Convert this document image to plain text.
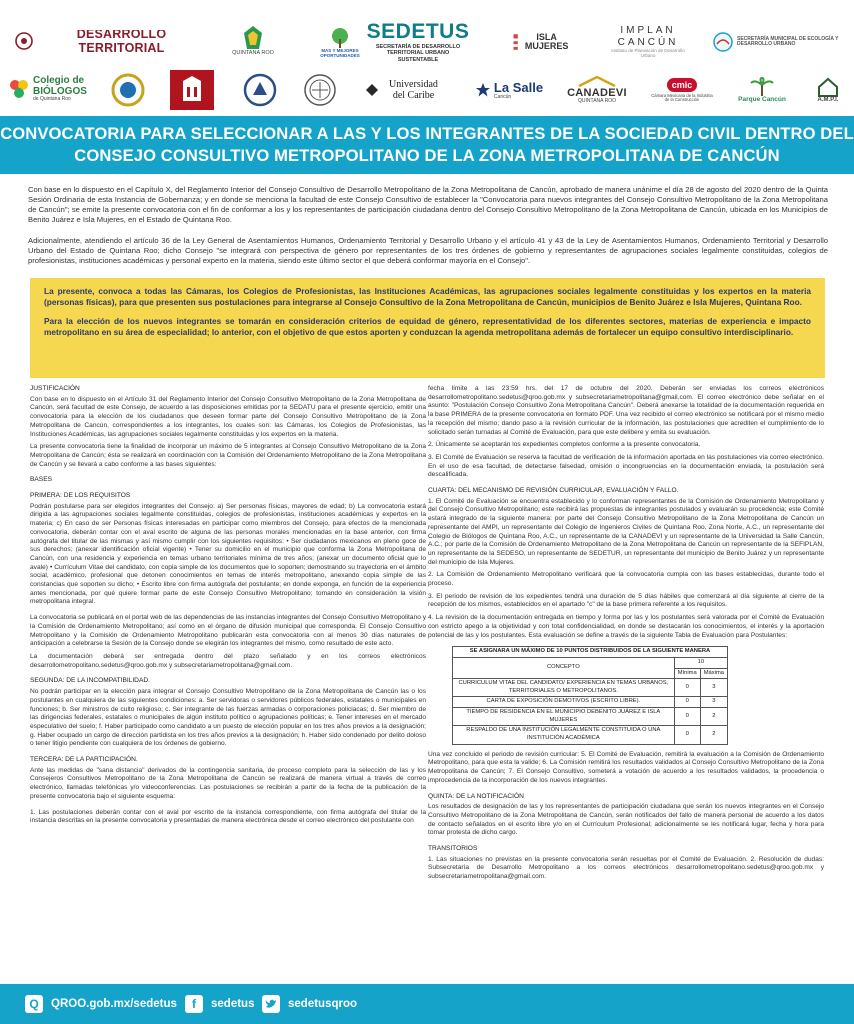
DESARROLLO TERRITORIAL	QUINTANA ROO	MAS Y MEJORES OPORTUNIDADES
SEDETUS
SECRETARÍA DE DESARROLLO TERRITORIAL URBANO SUSTENTABLE
ISLA MUJERES
IMPLAN CANCÚN
Instituto de Planeación de Desarrollo Urbano
SECRETARÍA MUNICIPAL DE ECOLOGÍA Y DESARROLLO URBANO
Colegio de BIÓLOGOS
de Quintana Roo
Universidad del Caribe
La Salle
Cancún	CANADEVI
QUINTANA ROO
cmic
Cámara Mexicana de la Industria de la Construcción	Parque Cancún	A.M.P.I.
CONVOCATORIA PARA SELECCIONAR A LAS Y LOS INTEGRANTES DE LA SOCIEDAD CIVIL DENTRO DEL CONSEJO CONSULTIVO METROPOLITANO DE LA ZONA METROPOLITANA DE CANCÚN

Con base en lo dispuesto en el Capítulo X, del Reglamento Interior del Consejo Consultivo de Desarrollo Metropolitano de la Zona Metropolitana de Cancún, aprobado de manera unánime el día 28 de agosto del 2020 dentro de la Quinta Sesión Ordinaria de esta Instancia de Gobernanza; y en donde se menciona la facultad de este Consejo Consultivo de establecer la "Convocatoria para nuevos integrantes del Consejo Consultivo Metropolitano de la Zona Metropolitana de Cancún"; se emite la presente convocatoria con el fin de conformar a los y los representantes de participación ciudadana dentro del Consejo Consultivo Metropolitano de la Zona Metropolitana de Cancún, ubicada en los Municipios de Benito Juárez e Isla Mujeres, en el Estado de Quintana Roo.

Adicionalmente, atendiendo el artículo 36 de la Ley General de Asentamientos Humanos, Ordenamiento Territorial y Desarrollo Urbano y el artículo 41 y 43 de la Ley de Asentamientos Humanos, Ordenamiento Territorial y Desarrollo Urbano del Estado de Quintana Roo; dicho Consejo "se integrará con perspectiva de género por representantes de los tres órdenes de gobierno y representantes de agrupaciones sociales legalmente constituidas, colegios de profesionistas, instituciones académicas y personal experto en la materia, siendo este último sector el que deberá conformar mayoría en el Consejo".

La presente, convoca a todas las Cámaras, los Colegios de Profesionistas, las Instituciones Académicas, las agrupaciones sociales legalmente constituidas y los expertos en la materia (personas físicas), para que presenten sus postulaciones para integrarse al Consejo Consultivo de la Zona Metropolitana de Cancún, municipios de Benito Juárez e Isla Mujeres, Quintana Roo.

Para la elección de los nuevos integrantes se tomarán en consideración criterios de equidad de género, representatividad de los diferentes sectores, materias de experiencia e impacto metropolitano en su área de especialidad; lo anterior, con el objetivo de que estos aporten y conduzcan la agenda metropolitana además de fortalecer un equipo consultivo interdisciplinario.

JUSTIFICACIÓN

Con base en lo dispuesto en el Artículo 31 del Reglamento Interior del Consejo Consultivo Metropolitano de la Zona Metropolitana de Cancún, será facultad de este Consejo, de acuerdo a las disposiciones emitidas por la SEDATU para el presente ejercicio, emitir una convocatoria para la elección de los ciudadanos que deseen formar parte del Consejo Consultivo Metropolitano de la Zona Metropolitana de Cancún, correspondientes a los integrantes, los cuales son: las Cámaras, los Colegios de Profesionistas, las Instituciones Académicas, las agrupaciones sociales legalmente constituidas y los expertos en la materia.

La presente convocatoria tiene la finalidad de incorporar un máximo de 5 integrantes al Consejo Consultivo Metropolitano de la Zona Metropolitana de Cancún; ésta se realizará en coordinación con la Comisión del Ordenamiento Metropolitano de la Zona Metropolitana de Cancún y se llevará a cabo conforme a las bases siguientes:

BASES

PRIMERA: DE LOS REQUISITOS

Podrán postularse para ser elegidos integrantes del Consejo: a) Ser personas físicas, mayores de edad; b) La convocatoria estará dirigida a las agrupaciones sociales legalmente constituidas, colegios de profesionistas, instituciones académicas y expertos en la materia; c) En caso de ser Personas físicas interesadas en participar como miembros del Consejo, para efectos de la mencionada convocatoria, deberán contar con el aval escrito de alguna de las personas morales mencionadas en la base anterior, con firma autógrafa del titular de las mismas y así mismo cumplir con los siguientes requisitos: • Ser ciudadanos mexicanos en pleno goce de sus derechos; (anexar identificación oficial vigente) • Tener su domicilio en el municipio que conforma la Zona Metropolitana de Cancún, con una residencia y experiencia en temas urbano territoriales mínima de tres años; (anexar un documento oficial que lo avale) • Currículum Vitae del candidato, con copia simple de los documentos que lo soporten; demostrando su trayectoria en el ámbito social, académico, profesional que detonen conocimientos en temas de interés metropolitano, anexando copia simple de las constancias que soporten su dicho; • Escrito libre con firma autógrafa del postulante; en donde exponga, en función de la experiencia antes mencionada, por qué quiere formar parte de este Consejo Consultivo Metropolitano; tomando en consideración la visión metropolitana integral.

La convocatoria se publicará en el portal web de las dependencias de las instancias integrantes del Consejo Consultivo Metropolitano y la Comisión de Ordenamiento Metropolitano; así como en el órgano de difusión municipal que corresponda. El Consejo Consultivo Metropolitano y la Comisión de Ordenamiento Metropolitano publicarán esta convocatoria con al menos 30 días naturales de anticipación a celebrarse la Sesión de la Consejo donde se elegirán los integrantes del mismo, como resultado de este acto.

La documentación deberá ser entregada dentro del plazo señalado y en los correos electrónicos desarrollometropolitano.sedetus@qroo.gob.mx y subsecretariametropolitana@gmail.com.

SEGUNDA: DE LA INCOMPATIBILIDAD.

No podrán participar en la elección para integrar el Consejo Consultivo Metropolitano de la Zona Metropolitana de Cancún las o los postulantes en cualquiera de las siguientes condiciones: a. Ser servidoras o servidores públicos federales, estatales o municipales en funciones; b. Ser ministros de culto religioso; c. Ser integrante de las fuerzas armadas o corporaciones policiacas; d. Ser miembro de las dirigencias federales, estatales o municipales de algún instituto político o agrupaciones políticas; e. Tener intereses en el mercado especulativo del suelo; f. Haber participado como candidato a un puesto de elección popular en los tres años previos a la designación; g. Haber ocupado un cargo de dirección partidista en los tres años previos a la designación; h. Haber sido condenado por delito doloso o tener litigio pendiente con cualquiera de los órdenes de gobierno.

TERCERA: DE LA PARTICIPACIÓN.

Ante las medidas de "sana distancia" derivados de la contingencia sanitaria, de proceso completo para la selección de las y los Consejeros Consultivos Metropolitano de la Zona Metropolitana de Cancún se realizará de manera virtual a través de correo electrónico, llamadas telefónicas y/o videoconferencias. Las postulaciones se recibirán a partir de la fecha de la publicación de la presente convocatoria bajo el siguiente esquema:

1. Las postulaciones deberán contar con el aval por escrito de la instancia correspondiente, con firma autógrafa del titular de la instancia descritas en la presente convocatoria y presentadas de manera electrónica desde el correo electrónico del postulante con

fecha límite a las 23:59 hrs. del 17 de octubre del 2020. Deberán ser enviadas los correos electrónicos desarrollometropolitano.sedetus@qroo.gob.mx y subsecretariametropolitana@gmail.com. El correo electrónico debe señalar en el asunto: "Postulación Consejo Consultivo Zona Metropolitana Cancún". Deberá anexarse la totalidad de la documentación requerida en la base PRIMERA de la presente convocatoria en formato PDF. Una vez recibido el correo electrónico se notificará por el mismo medio la recepción del mismo; dando paso a la revisión curricular de la información, las postulaciones que acrediten el cumplimiento de lo solicitado serán turnadas al Comité de Evaluación, para que este delibere y emita su evaluación.

2. Únicamente se aceptarán los expedientes completos conforme a la presente convocatoria.

3. El Comité de Evaluación se reserva la facultad de verificación de la información aportada en las postulaciones vía correo electrónico. En el uso de esa facultad, de detectarse falsedad, omisión o incongruencias en la documentación enviada, la postulación será descalificada.

CUARTA: DEL MECANISMO DE REVISIÓN CURRICULAR, EVALUACIÓN Y FALLO.

1. El Comité de Evaluación se encuentra establecido y lo conforman representantes de la Comisión de Ordenamiento Metropolitano y del Consejo Consultivo Metropolitano; este recibirá las propuestas de integrantes postulados y evaluarán su procedencia; este Comité estará integrado de la siguiente manera: por parte del Consejo Consultivo Metropolitano de la Zona Metropolitana de Cancún un representante del AMPI, un representante del Colegio de Ingenieros Civiles de Quintana Roo, Zona Norte, A.C., un representante del Colegio de Biólogos de Quintana Roo, A.C., un representante de la CANADEVI y un representante de la Universidad la Salle Cancún, A.C.; por parte de la Comisión de Ordenamiento Metropolitano de la Zona Metropolitana de Cancún un representante de la SEFIPLAN, un representante de la SEDESO, un representante de SEDETUR, un representante del municipio de Benito Juárez y un representante del municipio de Isla Mujeres.

2. La Comisión de Ordenamiento Metropolitano verificará que la convocatoria cumpla con las bases establecidas, durante todo el proceso.

3. El periodo de revisión de los expedientes tendrá una duración de 5 días hábiles que comenzará al día siguiente al cierre de la recepción de los mismos, establecidos en el apartado "c" de la base primera referente a los requisitos.

4. La revisión de la documentación entregada en tiempo y forma por las y los postulantes será valorada por el Comité de Evaluación con estricto apego a la objetividad y con total confidencialidad, en donde se destacarán los conocimientos, el interés y la aportación potencial de las y los postulantes. Esta evaluación se define a través de la siguiente Tabla de Evaluación para Postulantes:

SE ASIGNARA UN MÁXIMO DE 10 PUNTOS DISTRIBUIDOS DE LA SIGUIENTE MANERA		
CONCEPTO	10	
	Mínima	Máxima
CURRICULUM VITAE DEL CANDIDATO/ EXPERIENCIA EN TEMAS URBANOS, TERRITORIALES O METROPOLITANOS.	0	3
CARTA DE EXPOSICIÓN DEMOTIVOS (ESCRITO LIBRE).	0	3
TIEMPO DE RESIDENCIA EN EL MUNICIPIO DEBENITO JUÁREZ E ISLA MUJERES	0	2
RESPALDO DE UNA INSTITUCIÓN LEGALMENTE CONSTITUIDA O UNA INSTITUCIÓN ACADÉMICA	0	2

Una vez concluido el periodo de revisión curricular: 5. El Comité de Evaluación, remitirá la evaluación a la Comisión de Ordenamiento Metropolitano, para que esta la valide; 6. La Comisión remitirá los resultados validados al Consejo Consultivo Metropolitano de la Zona Metropolitana de Cancún; 7. El Consejo Consultivo, someterá a votación de acuerdo a los resultados validados, la procedencia o improcedencia de la incorporación de los nuevos integrantes.

QUINTA: DE LA NOTIFICACIÓN

Los resultados de designación de las y los representantes de participación ciudadana que serán los nuevos integrantes en el Consejo Consultivo Metropolitano de la Zona Metropolitana de Cancún, serán notificados del fallo de manera personal de acuerdo a los datos de contacto señalados en el escrito libre y/o en el Currículum Profesional; adicionalmente se les notificará lugar, fecha y hora para tomar protesta de dicho cargo.

TRANSITORIOS

1. Las situaciones no previstas en la presente convocatoria serán resueltas por el Comité de Evaluación. 2. Resolución de dudas: Subsecretaría de Desarrollo Metropolitano a los correos electrónicos desarrollometropolitano.sedetus@qroo.gob.mx y subsecretariametropolitana@gmail.com.

Q	QROO.gob.mx/sedetus	f	sedetus	sedetusqroo
